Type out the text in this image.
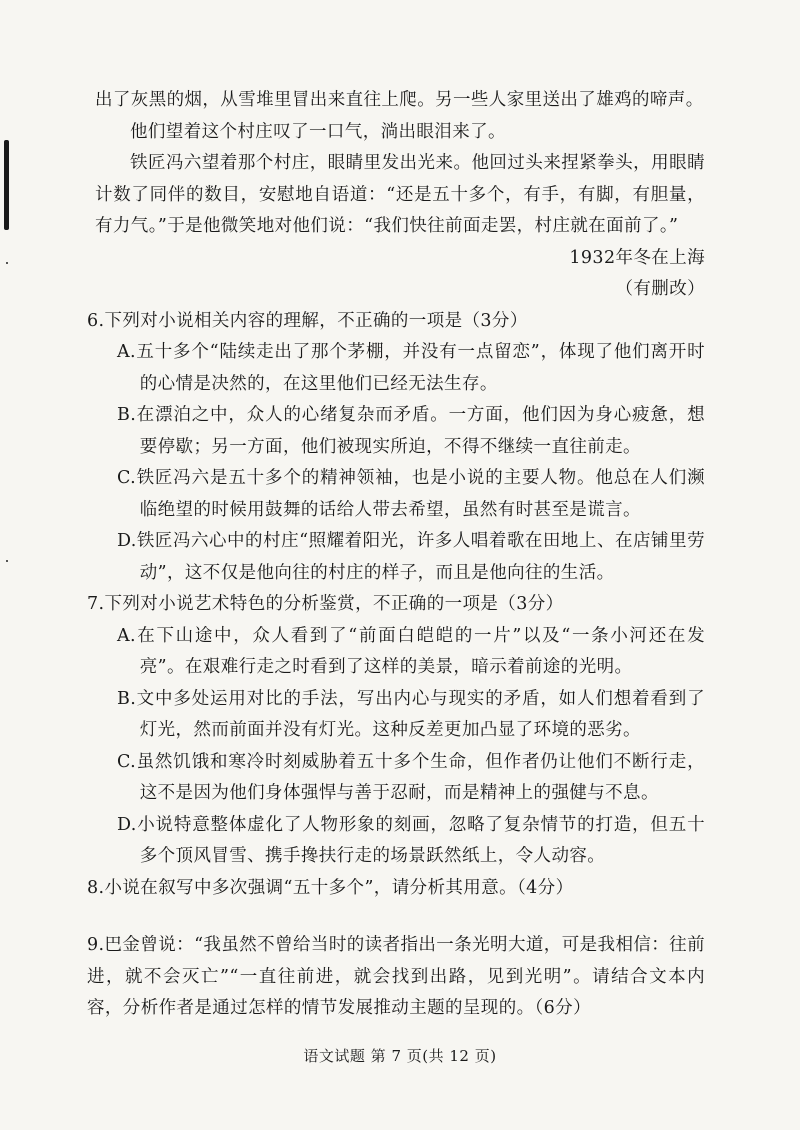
出了灰黑的烟，从雪堆里冒出来直往上爬。另一些人家里送出了雄鸡的啼声。

他们望着这个村庄叹了一口气，淌出眼泪来了。

铁匠冯六望着那个村庄，眼睛里发出光来。他回过头来捏紧拳头，用眼睛计数了同伴的数目，安慰地自语道：“还是五十多个，有手，有脚，有胆量，有力气。”于是他微笑地对他们说：“我们快往前面走罢，村庄就在面前了。”

1932年冬在上海

（有删改）

6.下列对小说相关内容的理解，不正确的一项是（3分）

A.五十多个“陆续走出了那个茅棚，并没有一点留恋”，体现了他们离开时的心情是决然的，在这里他们已经无法生存。

B.在漂泊之中，众人的心绪复杂而矛盾。一方面，他们因为身心疲惫，想要停歇；另一方面，他们被现实所迫，不得不继续一直往前走。

C.铁匠冯六是五十多个的精神领袖，也是小说的主要人物。他总在人们濒临绝望的时候用鼓舞的话给人带去希望，虽然有时甚至是谎言。

D.铁匠冯六心中的村庄“照耀着阳光，许多人唱着歌在田地上、在店铺里劳动”，这不仅是他向往的村庄的样子，而且是他向往的生活。

7.下列对小说艺术特色的分析鉴赏，不正确的一项是（3分）

A.在下山途中，众人看到了“前面白皑皑的一片”以及“一条小河还在发亮”。在艰难行走之时看到了这样的美景，暗示着前途的光明。

B.文中多处运用对比的手法，写出内心与现实的矛盾，如人们想着看到了灯光，然而前面并没有灯光。这种反差更加凸显了环境的恶劣。

C.虽然饥饿和寒冷时刻威胁着五十多个生命，但作者仍让他们不断行走，这不是因为他们身体强悍与善于忍耐，而是精神上的强健与不息。

D.小说特意整体虚化了人物形象的刻画，忽略了复杂情节的打造，但五十多个顶风冒雪、携手搀扶行走的场景跃然纸上，令人动容。

8.小说在叙写中多次强调“五十多个”，请分析其用意。（4分）

9.巴金曾说：“我虽然不曾给当时的读者指出一条光明大道，可是我相信：往前进，就不会灭亡”“一直往前进，就会找到出路，见到光明”。请结合文本内容，分析作者是通过怎样的情节发展推动主题的呈现的。（6分）

语文试题 第 7 页(共 12 页)
